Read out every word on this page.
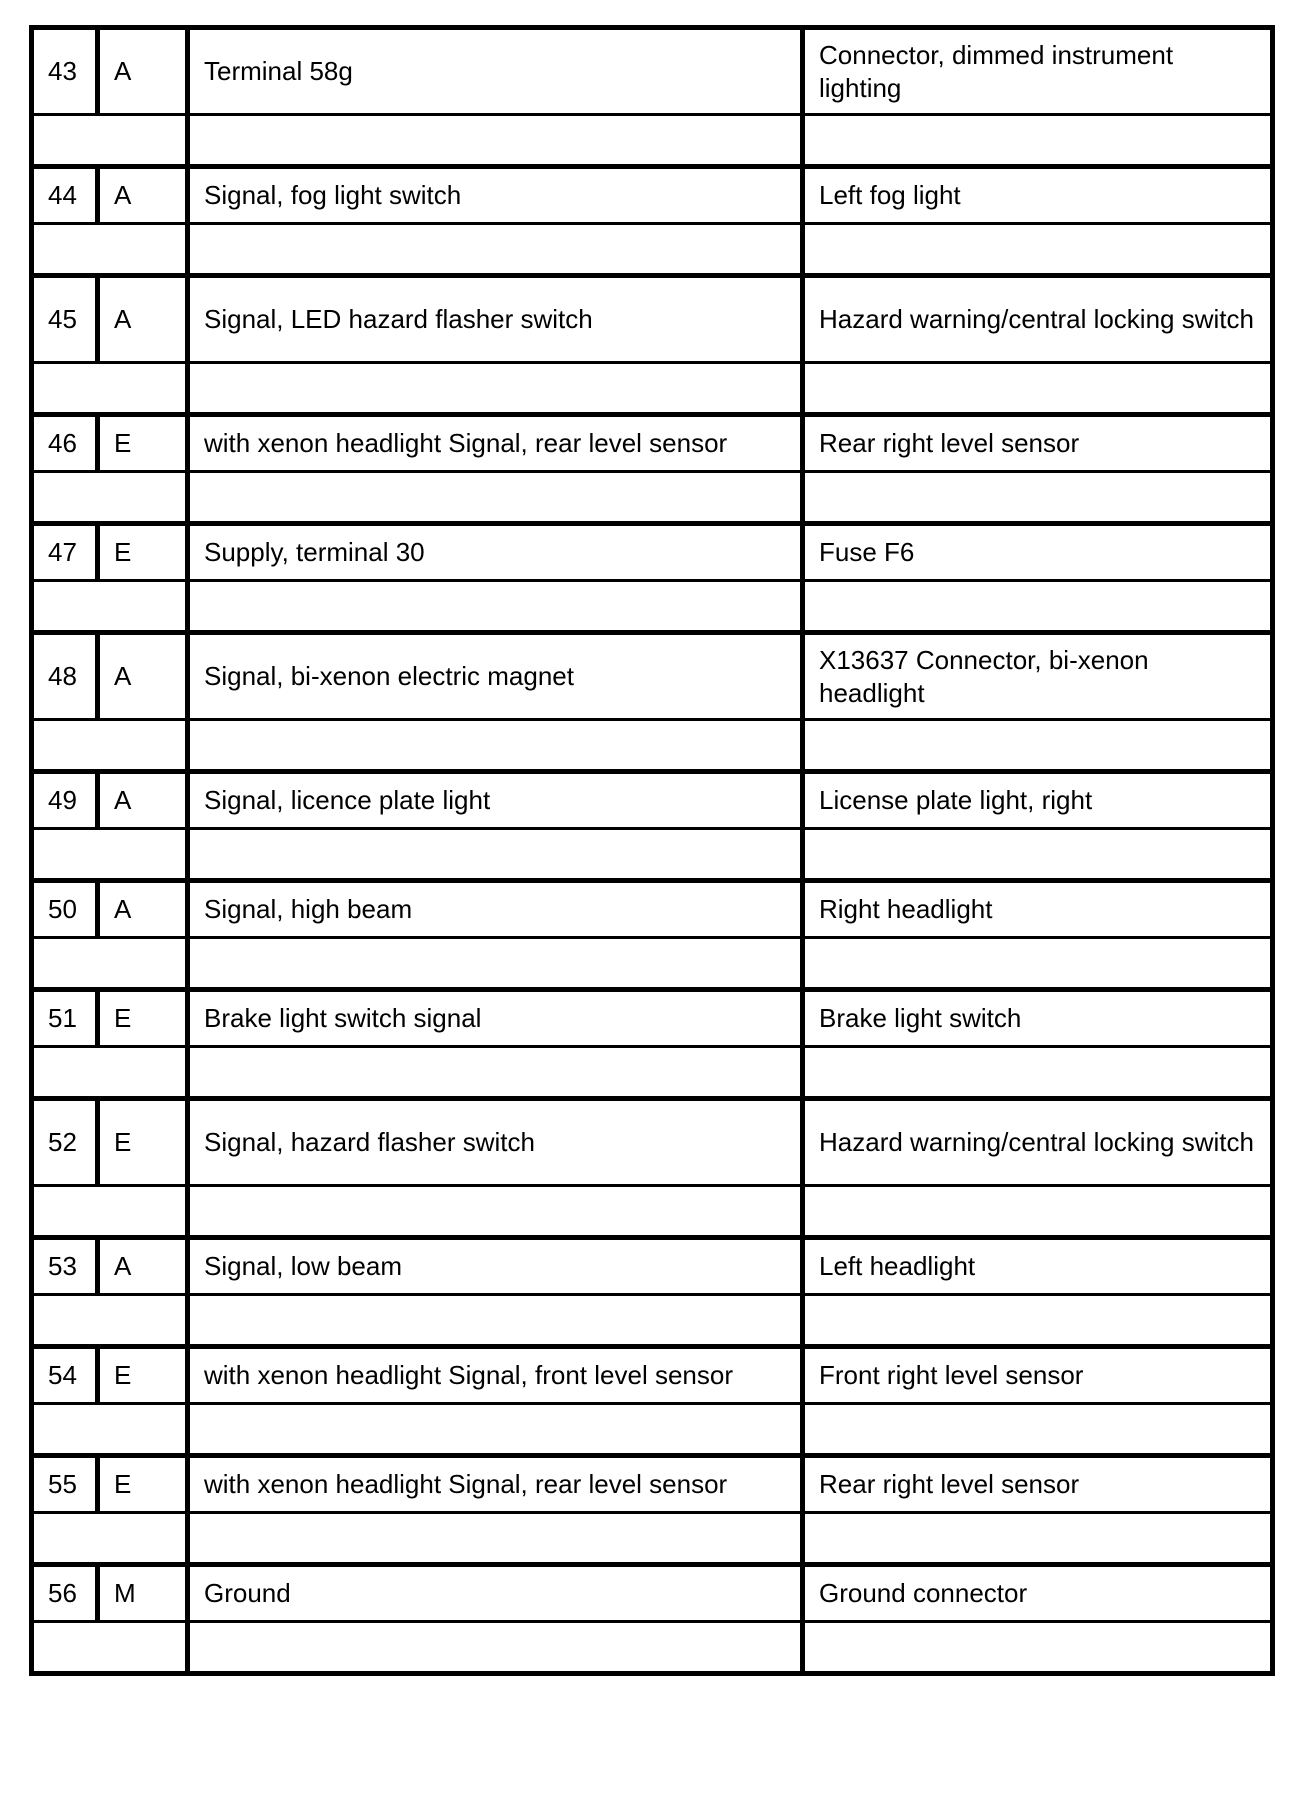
43	A	Terminal 58g	Connector, dimmed instrument lighting

44	A	Signal, fog light switch	Left fog light

45	A	Signal, LED hazard flasher switch	Hazard warning/central locking switch

46	E	with xenon headlight Signal, rear level sensor	Rear right level sensor

47	E	Supply, terminal 30	Fuse F6

48	A	Signal, bi-xenon electric magnet	X13637 Connector, bi-xenon headlight

49	A	Signal, licence plate light	License plate light, right

50	A	Signal, high beam	Right headlight

51	E	Brake light switch signal	Brake light switch

52	E	Signal, hazard flasher switch	Hazard warning/central locking switch

53	A	Signal, low beam	Left headlight

54	E	with xenon headlight Signal, front level sensor	Front right level sensor

55	E	with xenon headlight Signal, rear level sensor	Rear right level sensor

56	M	Ground	Ground connector
